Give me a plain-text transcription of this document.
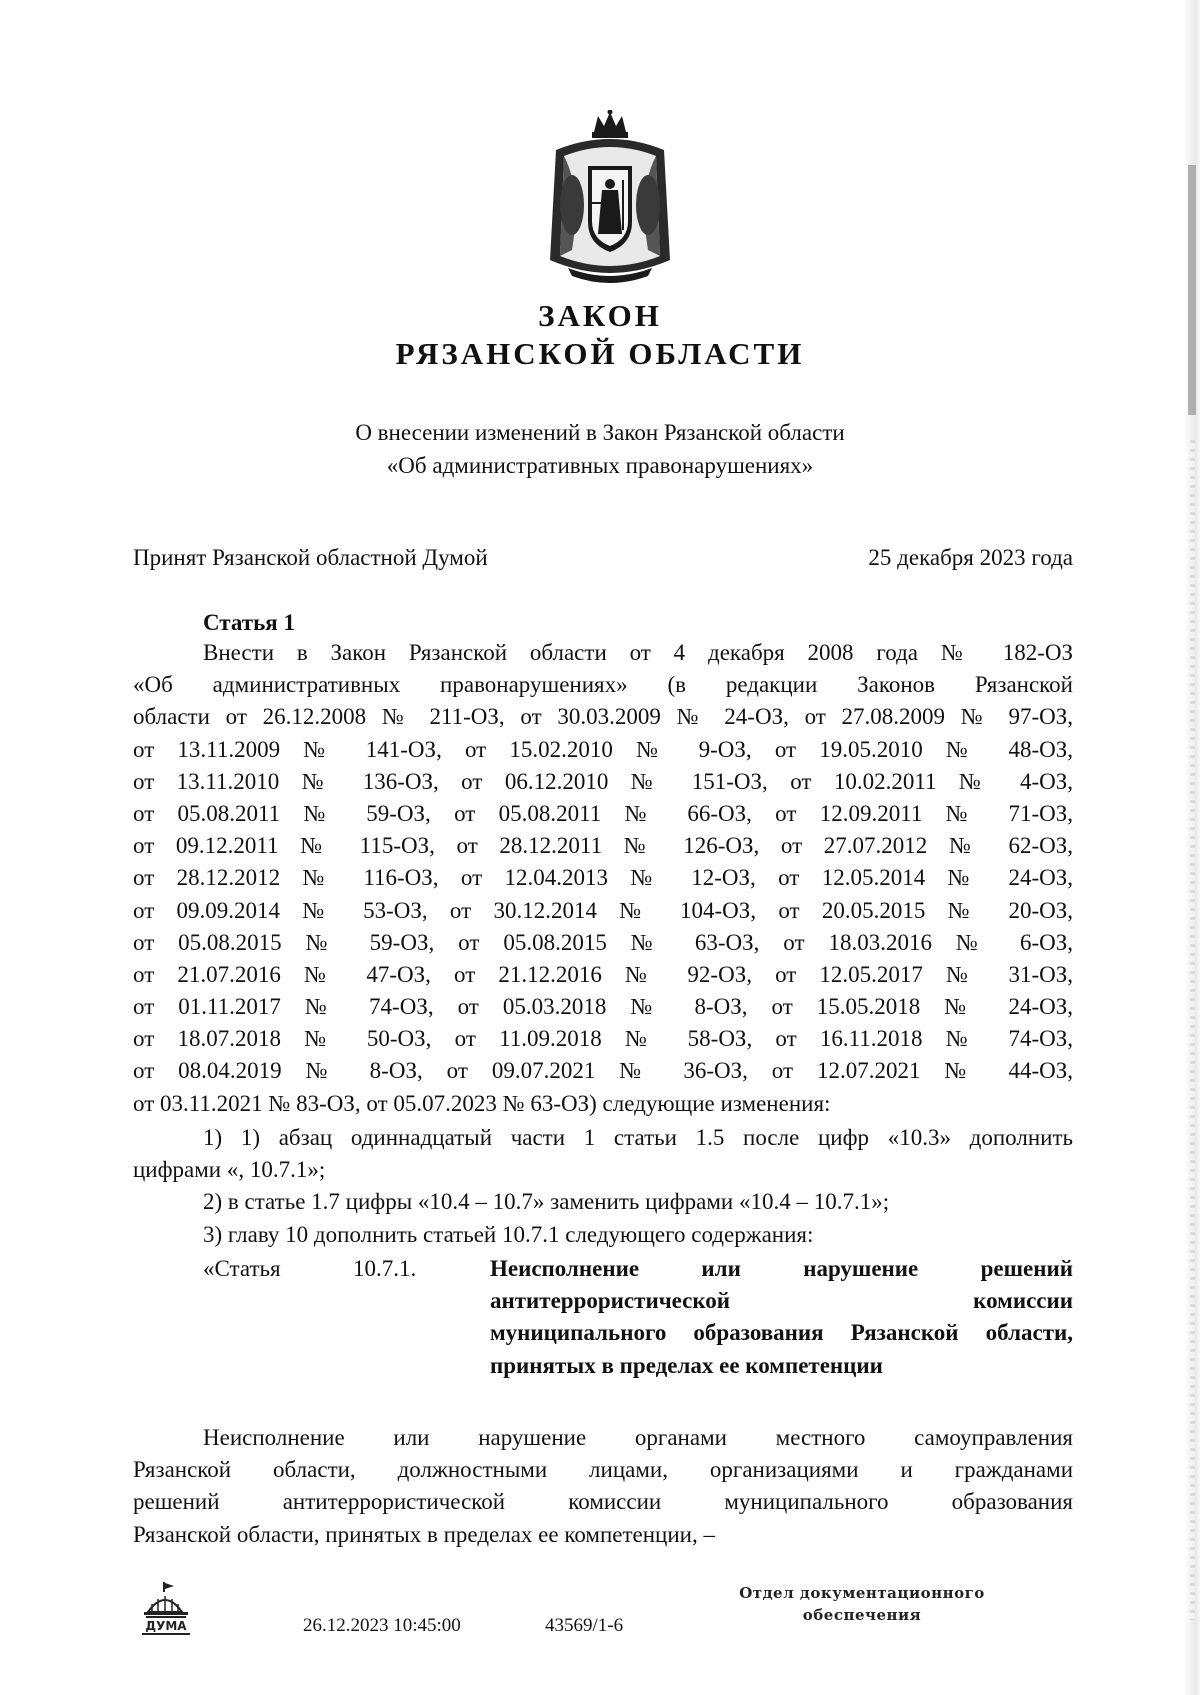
ЗАКОН
РЯЗАНСКОЙ ОБЛАСТИ
О внесении изменений в Закон Рязанской области
«Об административных правонарушениях»
Принят Рязанской областной Думой	25 декабря 2023 года
Статья 1
Внести в Закон Рязанской области от 4 декабря 2008 года № 182-ОЗ
«Об административных правонарушениях» (в редакции Законов Рязанской
области от 26.12.2008 № 211-ОЗ, от 30.03.2009 № 24-ОЗ, от 27.08.2009 № 97-ОЗ,
от 13.11.2009 № 141-ОЗ, от 15.02.2010 № 9-ОЗ, от 19.05.2010 № 48-ОЗ,
от 13.11.2010 № 136-ОЗ, от 06.12.2010 № 151-ОЗ, от 10.02.2011 № 4-ОЗ,
от 05.08.2011 № 59-ОЗ, от 05.08.2011 № 66-ОЗ, от 12.09.2011 № 71-ОЗ,
от 09.12.2011 № 115-ОЗ, от 28.12.2011 № 126-ОЗ, от 27.07.2012 № 62-ОЗ,
от 28.12.2012 № 116-ОЗ, от 12.04.2013 № 12-ОЗ, от 12.05.2014 № 24-ОЗ,
от 09.09.2014 № 53-ОЗ, от 30.12.2014 № 104-ОЗ, от 20.05.2015 № 20-ОЗ,
от 05.08.2015 № 59-ОЗ, от 05.08.2015 № 63-ОЗ, от 18.03.2016 № 6-ОЗ,
от 21.07.2016 № 47-ОЗ, от 21.12.2016 № 92-ОЗ, от 12.05.2017 № 31-ОЗ,
от 01.11.2017 № 74-ОЗ, от 05.03.2018 № 8-ОЗ, от 15.05.2018 № 24-ОЗ,
от 18.07.2018 № 50-ОЗ, от 11.09.2018 № 58-ОЗ, от 16.11.2018 № 74-ОЗ,
от 08.04.2019 № 8-ОЗ, от 09.07.2021 № 36-ОЗ, от 12.07.2021 № 44-ОЗ,
от 03.11.2021 № 83-ОЗ, от 05.07.2023 № 63-ОЗ) следующие изменения:
1) 1) абзац одиннадцатый части 1 статьи 1.5 после цифр «10.3» дополнить
цифрами «, 10.7.1»;
2) в статье 1.7 цифры «10.4 – 10.7» заменить цифрами «10.4 – 10.7.1»;
3) главу 10 дополнить статьей 10.7.1 следующего содержания:
«Статья	10.7.1.	Неисполнение или нарушение решений
антитеррористической комиссии
муниципального образования Рязанской области,
принятых в пределах ее компетенции
Неисполнение или нарушение органами местного самоуправления
Рязанской области, должностными лицами, организациями и гражданами
решений антитеррористической комиссии муниципального образования
Рязанской области, принятых в пределах ее компетенции, –
ДУМА	26.12.2023 10:45:00	43569/1-6
Отдел документационного
обеспечения
